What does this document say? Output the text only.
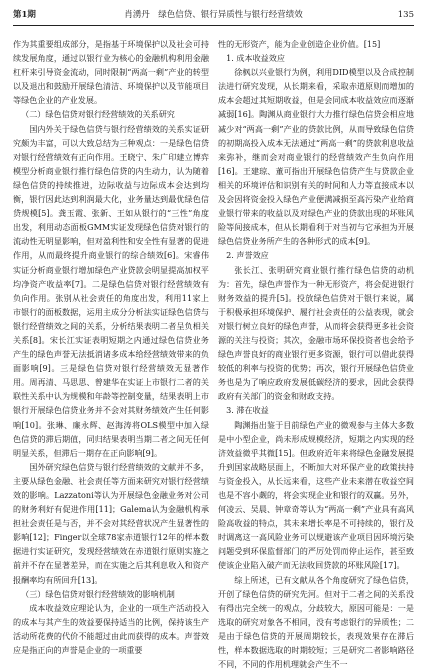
第1期	肖湧丹　绿色信贷、银行异质性与银行经营绩效	135

作为其重要组成部分，是指基于环境保护以及社会可持续发展角度，通过以银行业为核心的金融机构利用金融杠杆来引导资金流动，同时限制“两高一剩”产业的转型以及退出和鼓励开展绿色清洁、环境保护以及节能项目等绿色企业的产业发展。

（二）绿色信贷对银行经营绩效的关系研究

国内外关于绿色信贷与银行经营绩效的关系实证研究颇为丰富，可以大致总结为三种观点：一是绿色信贷对银行经营绩效有正向作用。王晓宁、朱广印建立博弈模型分析商业银行推行绿色信贷的内生动力，认为随着绿色信贷的持续推进，边际收益与边际成本会达到均衡，银行因此达到利润最大化，业务量达到最优绿色信贷规模[5]。龚玉霞、张新、王如从银行的“三性”角度出发，利用动态面板GMM实证发现绿色信贷对银行的流动性无明显影响，但对盈利性和安全性有显著的促进作用，从而最终提升商业银行的综合绩效[6]。宋睿伟实证分析商业银行增加绿色产业贷款会明显提高加权平均净资产收益率[7]。二是绿色信贷对银行经营绩效有负向作用。张别从社会责任的角度出发，利用11家上市银行的面板数据，运用主成分分析法实证绿色信贷与银行经营绩效之间的关系，分析结果表明二者呈负相关关系[8]。宋长江实证表明短期之内通过绿色信贷业务产生的绿色声誉无法抵消诸多成本给经营绩效带来的负面影响[9]。三是绿色信贷对银行经营绩效无显著作用。周再清、马思思、曾建华在实证上市银行二者的关联性关系中认为规模和年龄等控制变量，结果表明上市银行开展绿色信贷业务并不会对其财务绩效产生任何影响[10]。张琳、廉永辉、赵海涛将OLS模型中加入绿色信贷的滞后期值，同归结果表明当期二者之间无任何明显关系，但滞后一期存在正向影响[9]。

国外研究绿色信贷与银行经营绩效的文献并不多，主要从绿色金融、社会责任等方面来研究对银行经营绩效的影响。Lazzatoni等认为开展绿色金融业务对公司的财务利好有促进作用[11]；Galema认为金融机构承担社会责任是与否，并不会对其经营状况产生显著性的影响[12]；Finger以全球78家赤道银行12年的样本数据进行实证研究，发现经营绩效在赤道银行原则实施之前并不存在显著差异，而在实施之后其利息收入和资产报酬率均有所回升[13]。

（三）绿色信贷对银行经营绩效的影响机制

成本收益效应理论认为，企业的一项生产活动投入的成本与其产生的效益要保持适当的比例，保持该生产活动所花费的代价不能超过由此而获得的成本。声誉效应是指正向的声誉是企业的一项重要

性的无形资产，能为企业创造企业价值。[15]

1. 成本收益效应

徐枫以兴业银行为例，利用DID模型以及合成控制法进行研究发现，从长期来看，采取赤道原则而增加的成本会超过其短期收益，但是会同成本收益效应而逐渐减弱[16]。陶渊从商业银行大力推行绿色信贷会相应地减少对“两高一剩”产业的贷款比例，从而导致绿色信贷的初期高投入成本无法通过“两高一剩”的贷款利息收益来弥补，继而会对商业银行的经营绩效产生负向作用[16]。王建琼、董可指出开展绿色信贷产生与贷款企业相关的环境评估和识别有关的时间和人力等直接成本以及会因将资金投入绿色产业便满减损至高污染产业给商业银行带来的收益以及对绿色产业的贷款出现的坏账风险等间接成本，但从长期看利于对当初与它承担为开展绿色信贷业务所产生的各种形式的成本[9]。

2. 声誉效应

张长江、张明研究商业银行推行绿色信贷的动机为：首先，绿色声誉作为一种无形资产，将会促进银行财务效益的提升[5]。投放绿色信贷对于银行来说，属于积极承担环境保护、履行社会责任的公益表现，就会对银行树立良好的绿色声誉，从而将会获得更多社会资源的关注与投资；其次，金融市场环保投资者也会给予绿色声誉良好的商业银行更多资源，银行可以借此获得较低的利率与投资的优势；再次，银行开展绿色信贷业务也是为了响应政府发展低碳经济的要求，因此会获得政府有关部门的资金和财政支持。

3. 滞在收益

陶渊指出鉴于目前绿色产业的微观参与主体大多数是中小型企业，尚未形成规模经济，短期之内实现的经济效益微乎其微[15]。但政府近年来将绿色金融发展提升到国家战略层面上，不断加大对环保产业的政策扶持与资金投入，从长远来看，这些产业未来潜在收益空间也是不容小觑的，将会实现企业和银行的双赢。另外，何凌云、吴晨、钟章奇等认为“两高一剩”产业具有高风险高收益的特点，其未来增长率是不可持续的，银行及时调离这一高风险业务可以规避该产业项目因环境污染问题受到环保监督部门的严厉处罚而停止运作，甚至致使该企业陷入破产而无法收回贷款的坏账风险[17]。

综上所述，已有文献从各个角度研究了绿色信贷，开创了绿色信贷的研究先河。但对于二者之间的关系没有得出完全统一的观点，分歧较大，原因可能是：一是选取的研究对象各不相同，没有考虑银行的异质性；二是由于绿色信贷的开展周期较长，表现效果存在滞后性，样本数据选取的时期较短；三是研究二者影响路径不同，不同的作用机理就会产生不一
